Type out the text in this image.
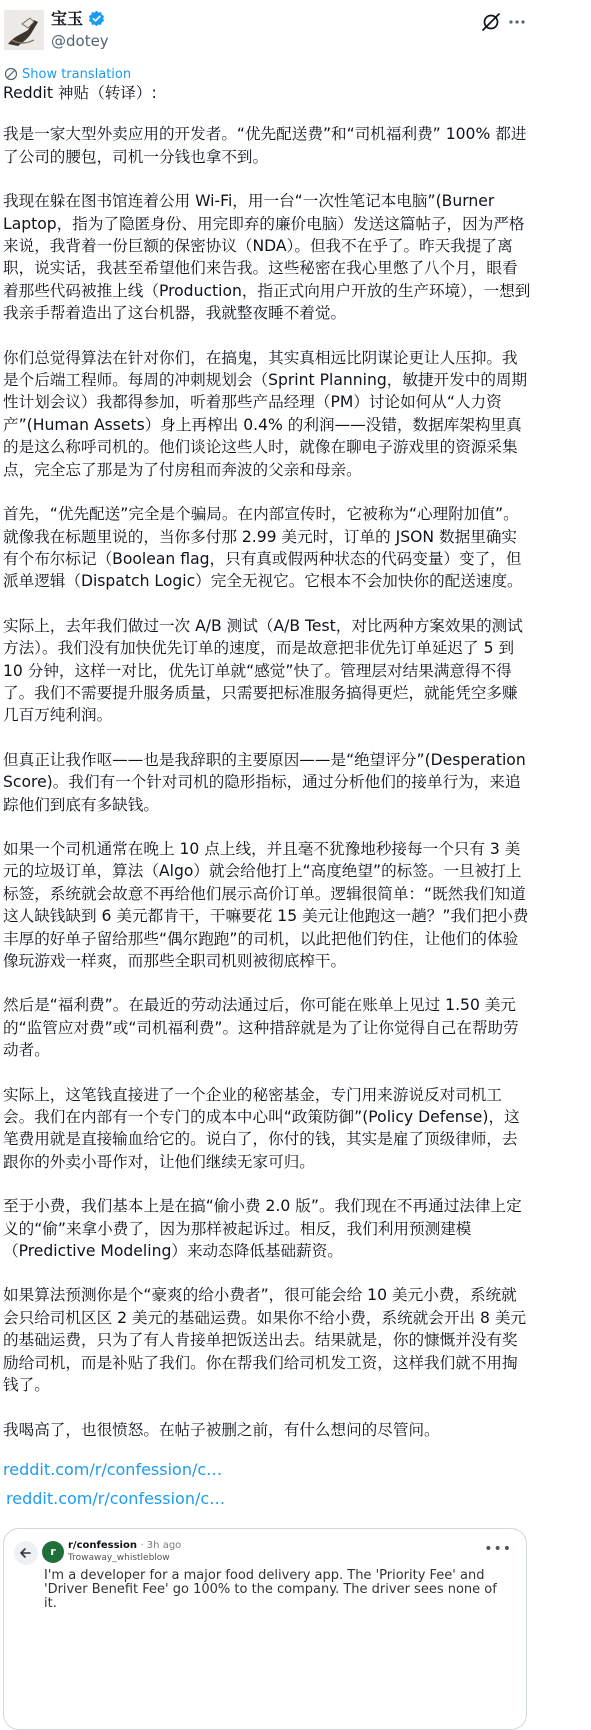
宝玉
@dotey
Show translation

Reddit 神贴（转译）:

我是一家大型外卖应用的开发者。“优先配送费”和“司机福利费” 100% 都进了公司的腰包，司机一分钱也拿不到。

我现在躲在图书馆连着公用 Wi-Fi，用一台“一次性笔记本电脑”(Burner Laptop，指为了隐匿身份、用完即弃的廉价电脑）发送这篇帖子，因为严格来说，我背着一份巨额的保密协议（NDA）。但我不在乎了。昨天我提了离职，说实话，我甚至希望他们来告我。这些秘密在我心里憋了八个月，眼看着那些代码被推上线（Production，指正式向用户开放的生产环境），一想到我亲手帮着造出了这台机器，我就整夜睡不着觉。

你们总觉得算法在针对你们，在搞鬼，其实真相远比阴谋论更让人压抑。我是个后端工程师。每周的冲刺规划会（Sprint Planning，敏捷开发中的周期性计划会议）我都得参加，听着那些产品经理（PM）讨论如何从“人力资产”(Human Assets）身上再榨出 0.4% 的利润——没错，数据库架构里真的是这么称呼司机的。他们谈论这些人时，就像在聊电子游戏里的资源采集点，完全忘了那是为了付房租而奔波的父亲和母亲。

首先，“优先配送”完全是个骗局。在内部宣传时，它被称为“心理附加值”。就像我在标题里说的，当你多付那 2.99 美元时，订单的 JSON 数据里确实有个布尔标记（Boolean flag，只有真或假两种状态的代码变量）变了，但派单逻辑（Dispatch Logic）完全无视它。它根本不会加快你的配送速度。

实际上，去年我们做过一次 A/B 测试（A/B Test，对比两种方案效果的测试方法）。我们没有加快优先订单的速度，而是故意把非优先订单延迟了 5 到 10 分钟，这样一对比，优先订单就“感觉”快了。管理层对结果满意得不得了。我们不需要提升服务质量，只需要把标准服务搞得更烂，就能凭空多赚几百万纯利润。

但真正让我作呕——也是我辞职的主要原因——是“绝望评分”(Desperation Score)。我们有一个针对司机的隐形指标，通过分析他们的接单行为，来追踪他们到底有多缺钱。

如果一个司机通常在晚上 10 点上线，并且毫不犹豫地秒接每一个只有 3 美元的垃圾订单，算法（Algo）就会给他打上“高度绝望”的标签。一旦被打上标签，系统就会故意不再给他们展示高价订单。逻辑很简单：“既然我们知道这人缺钱缺到 6 美元都肯干，干嘛要花 15 美元让他跑这一趟？”我们把小费丰厚的好单子留给那些“偶尔跑跑”的司机，以此把他们钓住，让他们的体验像玩游戏一样爽，而那些全职司机则被彻底榨干。

然后是“福利费”。在最近的劳动法通过后，你可能在账单上见过 1.50 美元的“监管应对费”或“司机福利费”。这种措辞就是为了让你觉得自己在帮助劳动者。

实际上，这笔钱直接进了一个企业的秘密基金，专门用来游说反对司机工会。我们在内部有一个专门的成本中心叫“政策防御”(Policy Defense)，这笔费用就是直接输血给它的。说白了，你付的钱，其实是雇了顶级律师，去跟你的外卖小哥作对，让他们继续无家可归。

至于小费，我们基本上是在搞“偷小费 2.0 版”。我们现在不再通过法律上定义的“偷”来拿小费了，因为那样被起诉过。相反，我们利用预测建模（Predictive Modeling）来动态降低基础薪资。

如果算法预测你是个“豪爽的给小费者”，很可能会给 10 美元小费，系统就会只给司机区区 2 美元的基础运费。如果你不给小费，系统就会开出 8 美元的基础运费，只为了有人肯接单把饭送出去。结果就是，你的慷慨并没有奖励给司机，而是补贴了我们。你在帮我们给司机发工资，这样我们就不用掏钱了。

我喝高了，也很愤怒。在帖子被删之前，有什么想问的尽管问。

reddit.com/r/confession/c…
reddit.com/r/confession/c…
r	r/confession · 3h ago
Trowaway_whistleblow
•••
I'm a developer for a major food delivery app. The 'Priority Fee' and 'Driver Benefit Fee' go 100% to the company. The driver sees none of it.
